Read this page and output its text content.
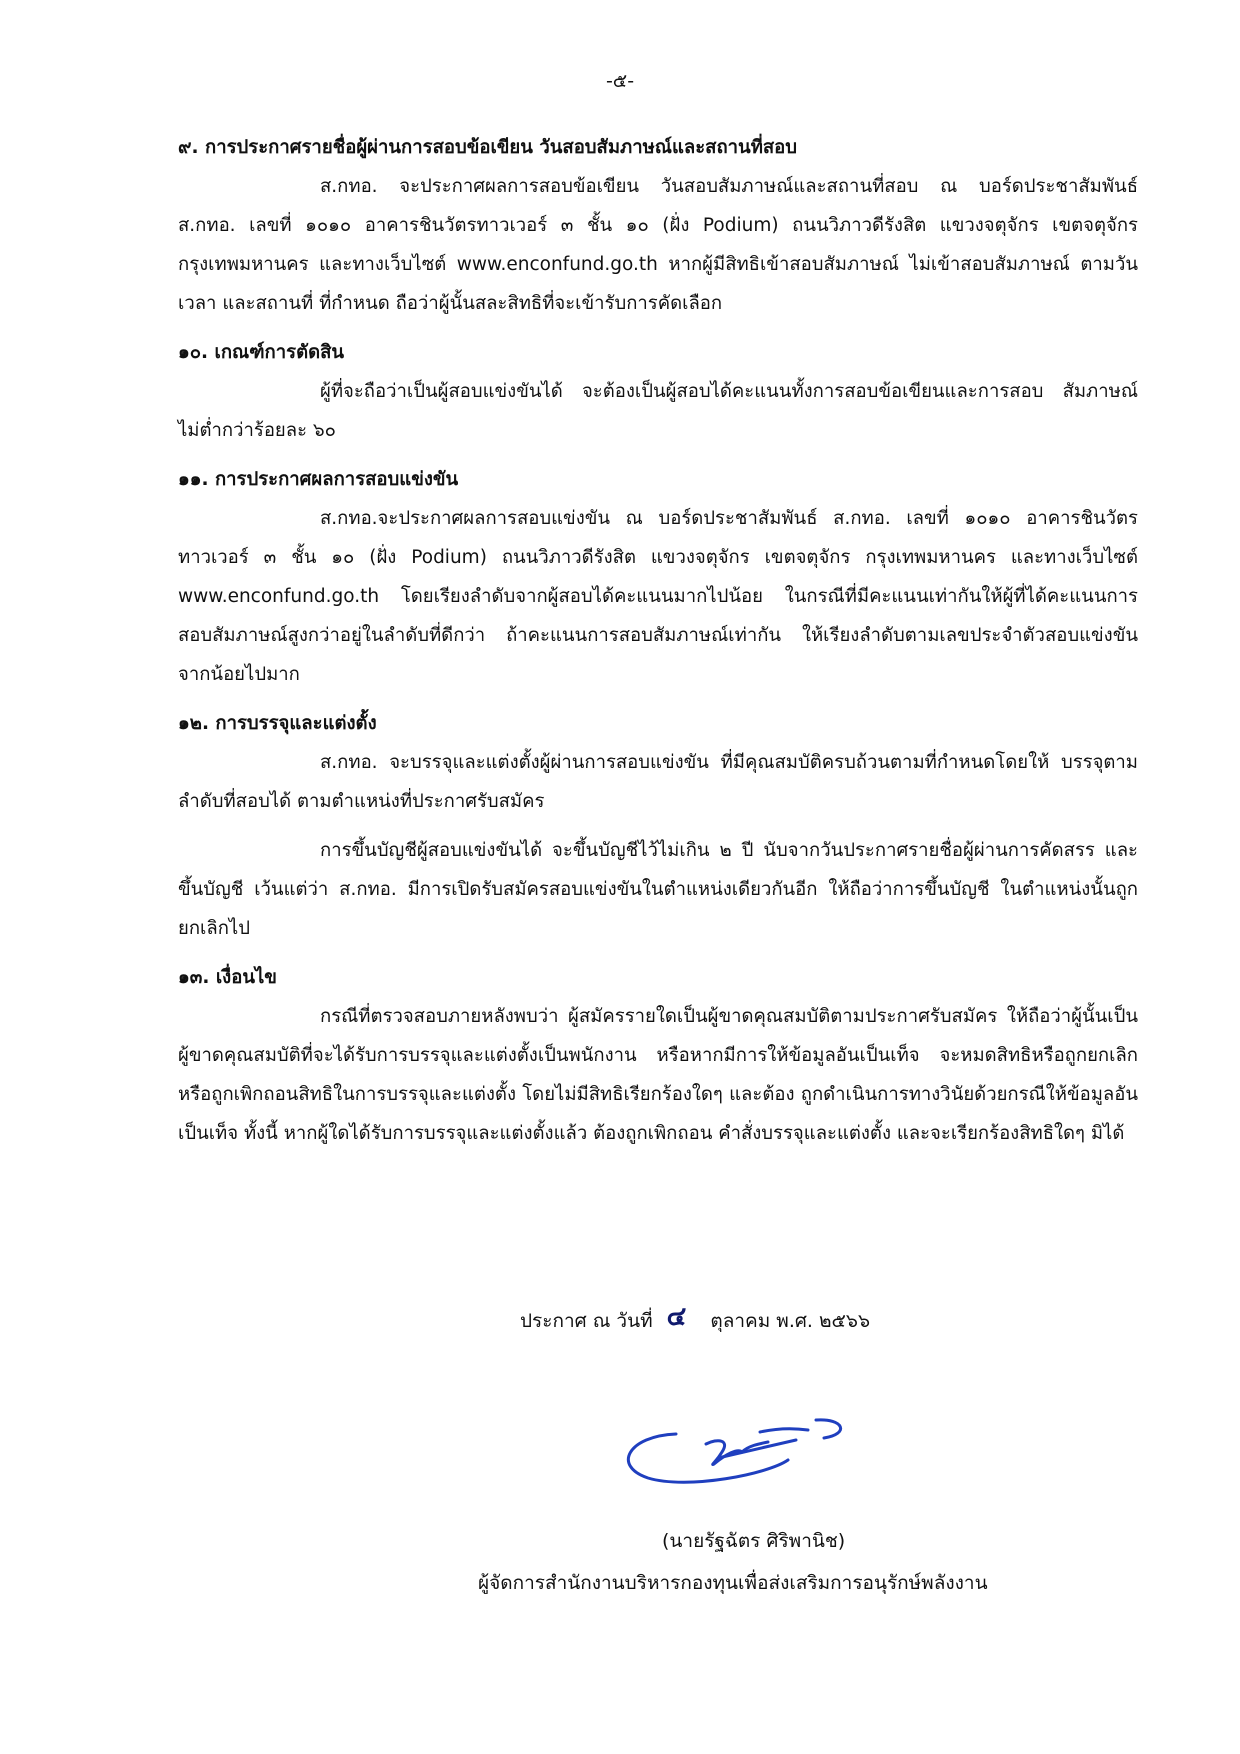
-๕-

๙. การประกาศรายชื่อผู้ผ่านการสอบข้อเขียน วันสอบสัมภาษณ์และสถานที่สอบ

ส.กทอ. จะประกาศผลการสอบข้อเขียน วันสอบสัมภาษณ์และสถานที่สอบ ณ บอร์ดประชาสัมพันธ์ ส.กทอ. เลขที่ ๑๐๑๐ อาคารชินวัตรทาวเวอร์ ๓ ชั้น ๑๐ (ฝั่ง Podium) ถนนวิภาวดีรังสิต แขวงจตุจักร เขตจตุจักร กรุงเทพมหานคร และทางเว็บไซต์ www.enconfund.go.th หากผู้มีสิทธิเข้าสอบสัมภาษณ์ ไม่เข้าสอบสัมภาษณ์ ตามวัน เวลา และสถานที่ ที่กำหนด ถือว่าผู้นั้นสละสิทธิที่จะเข้ารับการคัดเลือก

๑๐. เกณฑ์การตัดสิน

ผู้ที่จะถือว่าเป็นผู้สอบแข่งขันได้ จะต้องเป็นผู้สอบได้คะแนนทั้งการสอบข้อเขียนและการสอบ สัมภาษณ์ ไม่ต่ำกว่าร้อยละ ๖๐

๑๑. การประกาศผลการสอบแข่งขัน

ส.กทอ.จะประกาศผลการสอบแข่งขัน ณ บอร์ดประชาสัมพันธ์ ส.กทอ. เลขที่ ๑๐๑๐ อาคารชินวัตรทาวเวอร์ ๓ ชั้น ๑๐ (ฝั่ง Podium) ถนนวิภาวดีรังสิต แขวงจตุจักร เขตจตุจักร กรุงเทพมหานคร และทางเว็บไซต์ www.enconfund.go.th โดยเรียงลำดับจากผู้สอบได้คะแนนมากไปน้อย ในกรณีที่มีคะแนนเท่ากันให้ผู้ที่ได้คะแนนการสอบสัมภาษณ์สูงกว่าอยู่ในลำดับที่ดีกว่า ถ้าคะแนนการสอบสัมภาษณ์เท่ากัน ให้เรียงลำดับตามเลขประจำตัวสอบแข่งขันจากน้อยไปมาก

๑๒. การบรรจุและแต่งตั้ง

ส.กทอ. จะบรรจุและแต่งตั้งผู้ผ่านการสอบแข่งขัน ที่มีคุณสมบัติครบถ้วนตามที่กำหนดโดยให้ บรรจุตามลำดับที่สอบได้ ตามตำแหน่งที่ประกาศรับสมัคร

การขึ้นบัญชีผู้สอบแข่งขันได้ จะขึ้นบัญชีไว้ไม่เกิน ๒ ปี นับจากวันประกาศรายชื่อผู้ผ่านการคัดสรร และขึ้นบัญชี เว้นแต่ว่า ส.กทอ. มีการเปิดรับสมัครสอบแข่งขันในตำแหน่งเดียวกันอีก ให้ถือว่าการขึ้นบัญชี ในตำแหน่งนั้นถูกยกเลิกไป

๑๓. เงื่อนไข

กรณีที่ตรวจสอบภายหลังพบว่า ผู้สมัครรายใดเป็นผู้ขาดคุณสมบัติตามประกาศรับสมัคร ให้ถือว่าผู้นั้นเป็นผู้ขาดคุณสมบัติที่จะได้รับการบรรจุและแต่งตั้งเป็นพนักงาน หรือหากมีการให้ข้อมูลอันเป็นเท็จ จะหมดสิทธิหรือถูกยกเลิก หรือถูกเพิกถอนสิทธิในการบรรจุและแต่งตั้ง โดยไม่มีสิทธิเรียกร้องใดๆ และต้อง ถูกดำเนินการทางวินัยด้วยกรณีให้ข้อมูลอันเป็นเท็จ ทั้งนี้ หากผู้ใดได้รับการบรรจุและแต่งตั้งแล้ว ต้องถูกเพิกถอน คำสั่งบรรจุและแต่งตั้ง และจะเรียกร้องสิทธิใดๆ มิได้

ประกาศ ณ วันที่ ๔ ตุลาคม พ.ศ. ๒๕๖๖
(นายรัฐฉัตร ศิริพานิช)
ผู้จัดการสำนักงานบริหารกองทุนเพื่อส่งเสริมการอนุรักษ์พลังงาน
